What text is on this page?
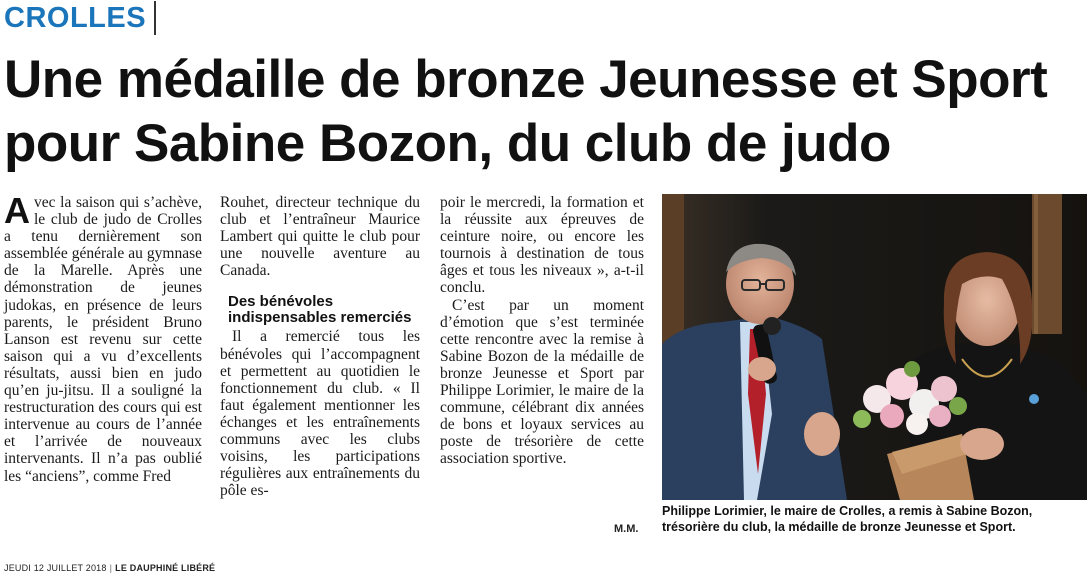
CROLLES
Une médaille de bronze Jeunesse et Sport
pour Sabine Bozon, du club de judo

Avec la saison qui s’achève, le club de judo de Crolles a tenu dernièrement son assemblée générale au gymnase de la Marelle. Après une démonstration de jeunes judokas, en présence de leurs parents, le président Bruno Lanson est revenu sur cette saison qui a vu d’excellents résultats, aussi bien en judo qu’en ju-jitsu. Il a souligné la restructuration des cours qui est intervenue au cours de l’année et l’arrivée de nouveaux intervenants. Il n’a pas oublié les “anciens”, comme Fred

Rouhet, directeur technique du club et l’entraîneur Maurice Lambert qui quitte le club pour une nouvelle aventure au Canada.

Des bénévoles indispensables remerciés

Il a remercié tous les bénévoles qui l’accompagnent et permettent au quotidien le fonctionnement du club. « Il faut également mentionner les échanges et les entraînements communs avec les clubs voisins, les participations régulières aux entraînements du pôle es-

poir le mercredi, la formation et la réussite aux épreuves de ceinture noire, ou encore les tournois à destination de tous âges et tous les niveaux », a-t-il conclu.

C’est par un moment d’émotion que s’est terminée cette rencontre avec la remise à Sabine Bozon de la médaille de bronze Jeunesse et Sport par Philippe Lorimier, le maire de la commune, célébrant dix années de bons et loyaux services au poste de trésorière de cette association sportive.

M.M.
Philippe Lorimier, le maire de Crolles, a remis à Sabine Bozon, trésorière du club, la médaille de bronze Jeunesse et Sport.
JEUDI 12 JUILLET 2018 | LE DAUPHINÉ LIBÉRÉ
